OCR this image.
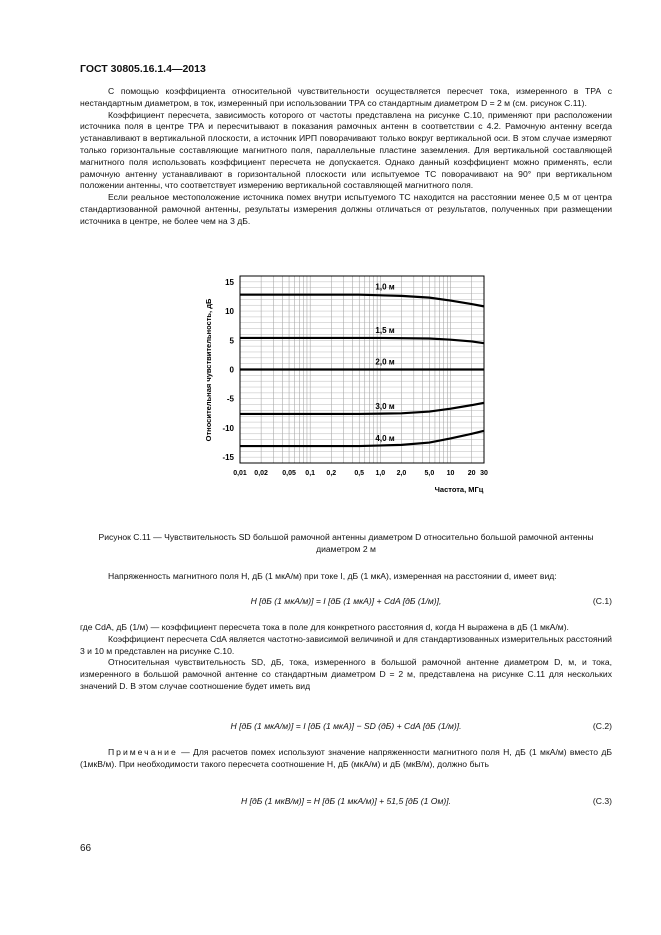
ГОСТ 30805.16.1.4—2013

С помощью коэффициента относительной чувствительности осуществляется пересчет тока, измеренного в ТРА с нестандартным диаметром, в ток, измеренный при использовании ТРА со стандартным диаметром D = 2 м (см. рисунок С.11).

Коэффициент пересчета, зависимость которого от частоты представлена на рисунке С.10, применяют при расположении источника поля в центре ТРА и пересчитывают в показания рамочных антенн в соответствии с 4.2. Рамочную антенну всегда устанавливают в вертикальной плоскости, а источник ИРП поворачивают только вокруг вертикальной оси. В этом случае измеряют только горизонтальные составляющие магнитного поля, параллельные пластине заземления. Для вертикальной составляющей магнитного поля использовать коэффициент пересчета не допускается. Однако данный коэффициент можно применять, если рамочную антенну устанавливают в горизонтальной плоскости или испытуемое ТС поворачивают на 90° при вертикальном положении антенны, что соответствует измерению вертикальной составляющей магнитного поля.

Если реальное местоположение источника помех внутри испытуемого ТС находится на расстоянии менее 0,5 м от центра стандартизованной рамочной антенны, результаты измерения должны отличаться от результатов, полученных при размещении источника в центре, не более чем на 3 дБ.

15
10
5
0
-5
-10
-15
0,01 0,02 0,05 0,1 0,2	0,5 1,0 2,0	5,0 10 20 30
1,0 м
1,5 м
2,0 м
3,0 м
4,0 м
Относительная чувствительность, дБ
Частота, МГц
Рисунок С.11 — Чувствительность SD большой рамочной антенны диаметром D относительно большой рамочной антенны диаметром 2 м

Напряженность магнитного поля H, дБ (1 мкА/м) при токе I, дБ (1 мкА), измеренная на расстоянии d, имеет вид:

H [дБ (1 мкА/м)] = I [дБ (1 мкА)] + CdA [дБ (1/м)],	(С.1)

где CdA, дБ (1/м) — коэффициент пересчета тока в поле для конкретного расстояния d, когда H выражена в дБ (1 мкА/м).

Коэффициент пересчета CdA является частотно-зависимой величиной и для стандартизованных измерительных расстояний 3 и 10 м представлен на рисунке С.10.

Относительная чувствительность SD, дБ, тока, измеренного в большой рамочной антенне диаметром D, м, и тока, измеренного в большой рамочной антенне со стандартным диаметром D = 2 м, представлена на рисунке С.11 для нескольких значений D. В этом случае соотношение будет иметь вид

H [дБ (1 мкА/м)] = I [дБ (1 мкА)] − SD (дБ) + CdA [дБ (1/м)].	(С.2)

Примечание — Для расчетов помех используют значение напряженности магнитного поля H, дБ (1 мкА/м) вместо дБ (1мкВ/м). При необходимости такого пересчета соотношение H, дБ (мкА/м) и дБ (мкВ/м), должно быть

H [дБ (1 мкВ/м)] = H [дБ (1 мкА/м)] + 51,5 [дБ (1 Ом)].	(С.3)
66
